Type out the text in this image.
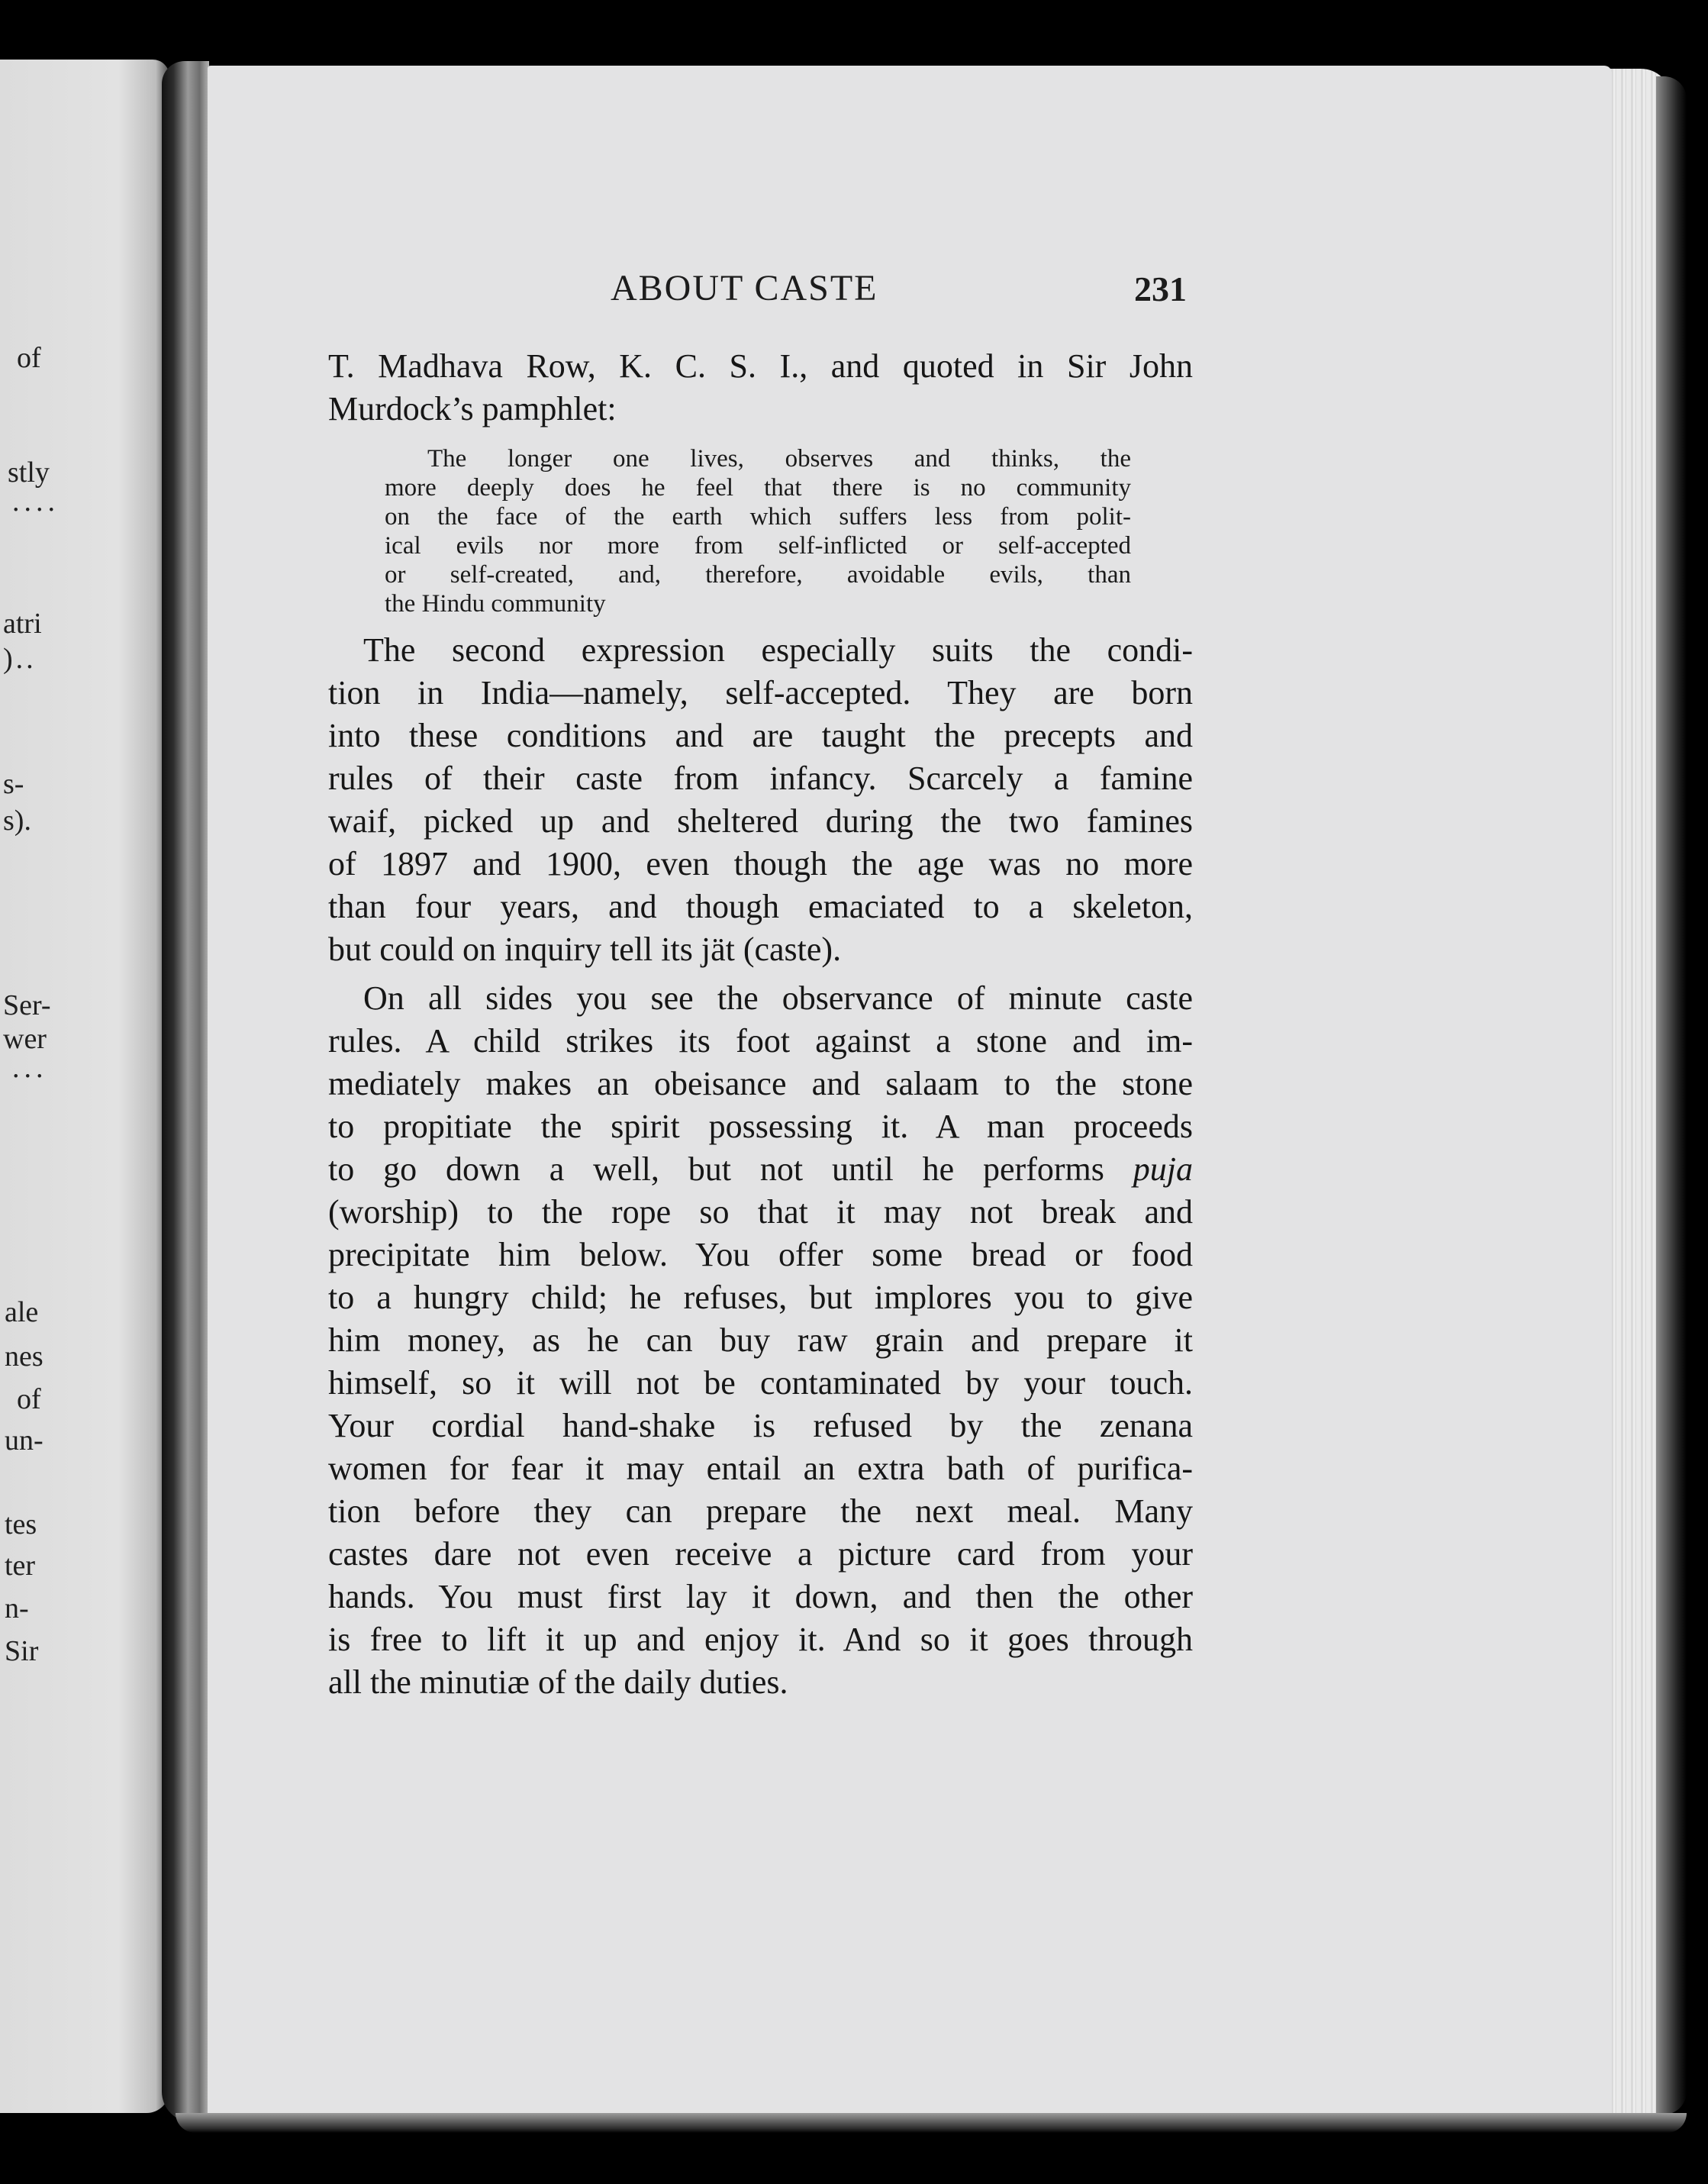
of
stly
....
atri
)..
s-
s).
Ser-
wer
...
ale
nes
of
un-
tes
ter
n-
Sir
ABOUT CASTE	231
T. Madhava Row, K. C. S. I., and quoted in Sir John
Murdock’s pamphlet:
The longer one lives, observes and thinks, the
more deeply does he feel that there is no community
on the face of the earth which suffers less from polit-
ical evils nor more from self-inflicted or self-accepted
or self-created, and, therefore, avoidable evils, than
the Hindu community
The second expression especially suits the condi-
tion in India—namely, self-accepted. They are born
into these conditions and are taught the precepts and
rules of their caste from infancy. Scarcely a famine
waif, picked up and sheltered during the two famines
of 1897 and 1900, even though the age was no more
than four years, and though emaciated to a skeleton,
but could on inquiry tell its jät (caste).
On all sides you see the observance of minute caste
rules. A child strikes its foot against a stone and im-
mediately makes an obeisance and salaam to the stone
to propitiate the spirit possessing it. A man proceeds
to go down a well, but not until he performs puja
(worship) to the rope so that it may not break and
precipitate him below. You offer some bread or food
to a hungry child; he refuses, but implores you to give
him money, as he can buy raw grain and prepare it
himself, so it will not be contaminated by your touch.
Your cordial hand-shake is refused by the zenana
women for fear it may entail an extra bath of purifica-
tion before they can prepare the next meal. Many
castes dare not even receive a picture card from your
hands. You must first lay it down, and then the other
is free to lift it up and enjoy it. And so it goes through
all the minutiæ of the daily duties.
